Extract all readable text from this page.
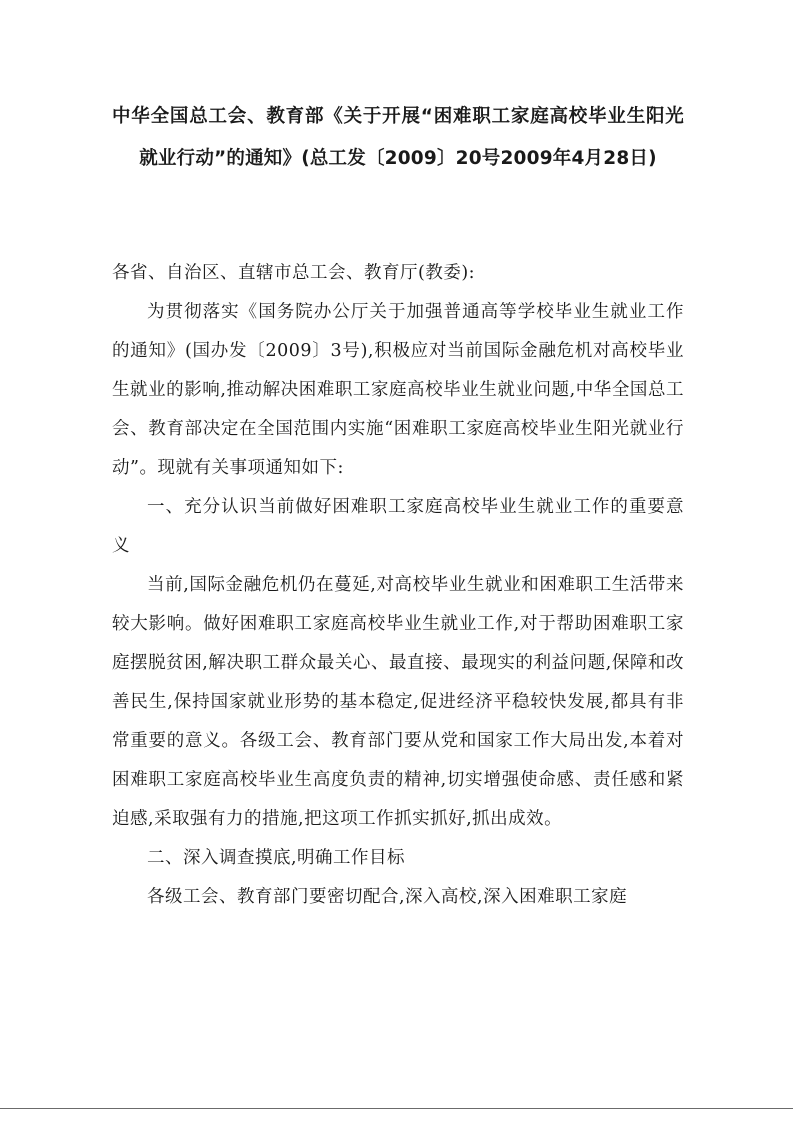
中华全国总工会、教育部《关于开展“困难职工家庭高校毕业生阳光就业行动”的通知》(总工发〔2009〕20号2009年4月28日)

各省、自治区、直辖市总工会、教育厅(教委):

为贯彻落实《国务院办公厅关于加强普通高等学校毕业生就业工作的通知》(国办发〔2009〕3号),积极应对当前国际金融危机对高校毕业生就业的影响,推动解决困难职工家庭高校毕业生就业问题,中华全国总工会、教育部决定在全国范围内实施“困难职工家庭高校毕业生阳光就业行动”。现就有关事项通知如下:

一、充分认识当前做好困难职工家庭高校毕业生就业工作的重要意义

当前,国际金融危机仍在蔓延,对高校毕业生就业和困难职工生活带来较大影响。做好困难职工家庭高校毕业生就业工作,对于帮助困难职工家庭摆脱贫困,解决职工群众最关心、最直接、最现实的利益问题,保障和改善民生,保持国家就业形势的基本稳定,促进经济平稳较快发展,都具有非常重要的意义。各级工会、教育部门要从党和国家工作大局出发,本着对困难职工家庭高校毕业生高度负责的精神,切实增强使命感、责任感和紧迫感,采取强有力的措施,把这项工作抓实抓好,抓出成效。

二、深入调查摸底,明确工作目标

各级工会、教育部门要密切配合,深入高校,深入困难职工家庭
